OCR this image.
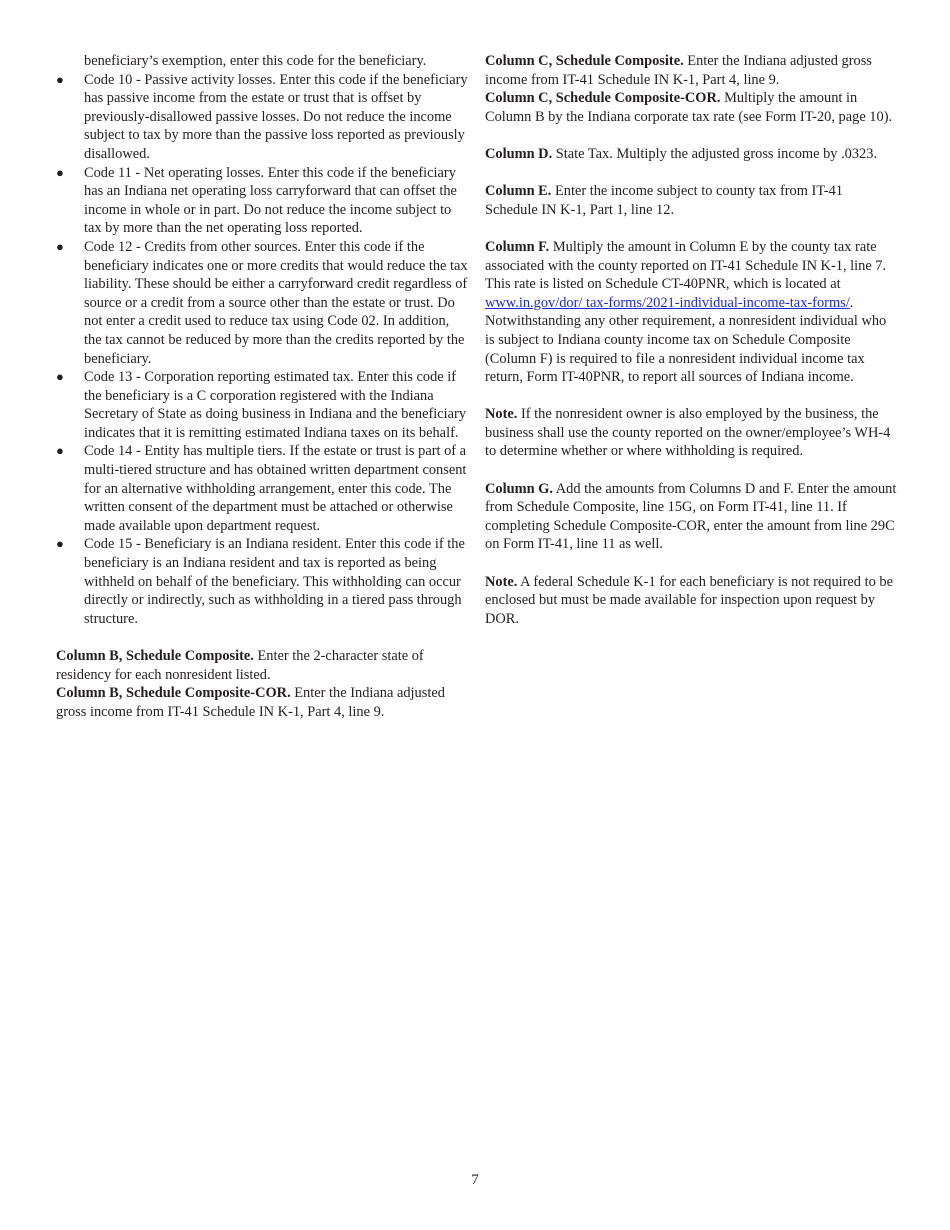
beneficiary’s exemption, enter this code for the beneficiary.

● Code 10 - Passive activity losses. Enter this code if the beneficiary has passive income from the estate or trust that is offset by previously-disallowed passive losses. Do not reduce the income subject to tax by more than the passive loss reported as previously disallowed.
● Code 11 - Net operating losses. Enter this code if the beneficiary has an Indiana net operating loss carryforward that can offset the income in whole or in part. Do not reduce the income subject to tax by more than the net operating loss reported.
● Code 12 - Credits from other sources. Enter this code if the beneficiary indicates one or more credits that would reduce the tax liability. These should be either a carryforward credit regardless of source or a credit from a source other than the estate or trust. Do not enter a credit used to reduce tax using Code 02. In addition, the tax cannot be reduced by more than the credits reported by the beneficiary.
● Code 13 - Corporation reporting estimated tax. Enter this code if the beneficiary is a C corporation registered with the Indiana Secretary of State as doing business in Indiana and the beneficiary indicates that it is remitting estimated Indiana taxes on its behalf.
● Code 14 - Entity has multiple tiers. If the estate or trust is part of a multi-tiered structure and has obtained written department consent for an alternative withholding arrangement, enter this code. The written consent of the department must be attached or otherwise made available upon department request.
● Code 15 - Beneficiary is an Indiana resident. Enter this code if the beneficiary is an Indiana resident and tax is reported as being withheld on behalf of the beneficiary. This withholding can occur directly or indirectly, such as withholding in a tiered pass through structure.

Column B, Schedule Composite. Enter the 2-character state of residency for each nonresident listed.

Column B, Schedule Composite-COR. Enter the Indiana adjusted gross income from IT-41 Schedule IN K-1, Part 4, line 9.

Column C, Schedule Composite. Enter the Indiana adjusted gross income from IT-41 Schedule IN K-1, Part 4, line 9.

Column C, Schedule Composite-COR. Multiply the amount in Column B by the Indiana corporate tax rate (see Form IT-20, page 10).

Column D. State Tax. Multiply the adjusted gross income by .0323.

Column E. Enter the income subject to county tax from IT-41 Schedule IN K-1, Part 1, line 12.

Column F. Multiply the amount in Column E by the county tax rate associated with the county reported on IT-41 Schedule IN K-1, line 7. This rate is listed on Schedule CT-40PNR, which is located at www.in.gov/dor/ tax-forms/2021-individual-income-tax-forms/. Notwithstanding any other requirement, a nonresident individual who is subject to Indiana county income tax on Schedule Composite (Column F) is required to file a nonresident individual income tax return, Form IT-40PNR, to report all sources of Indiana income.

Note. If the nonresident owner is also employed by the business, the business shall use the county reported on the owner/employee’s WH-4 to determine whether or where withholding is required.

Column G. Add the amounts from Columns D and F. Enter the amount from Schedule Composite, line 15G, on Form IT-41, line 11. If completing Schedule Composite-COR, enter the amount from line 29C on Form IT-41, line 11 as well.

Note. A federal Schedule K-1 for each beneficiary is not required to be enclosed but must be made available for inspection upon request by DOR.

7
